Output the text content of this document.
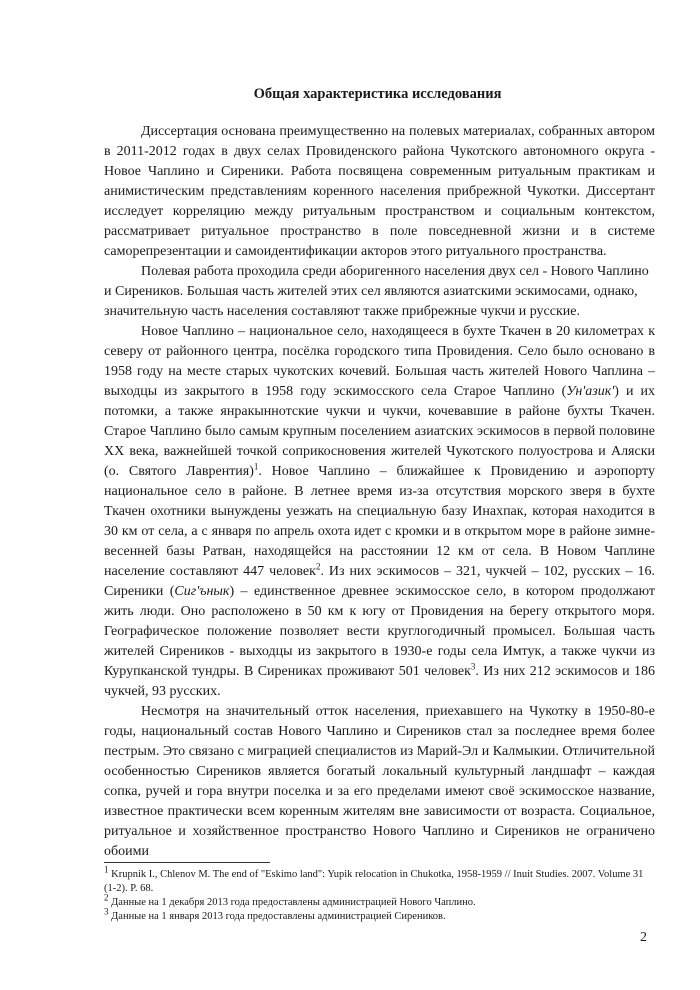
Общая характеристика исследования

Диссертация основана преимущественно на полевых материалах, собранных автором в 2011-2012 годах в двух селах Провиденского района Чукотского автономного округа - Новое Чаплино и Сиреники. Работа посвящена современным ритуальным практикам и анимистическим представлениям коренного населения прибрежной Чукотки. Диссертант исследует корреляцию между ритуальным пространством и социальным контекстом, рассматривает ритуальное пространство в поле повседневной жизни и в системе саморепрезентации и самоидентификации акторов этого ритуального пространства.

Полевая работа проходила среди аборигенного населения двух сел - Нового Чаплино и Сиреников. Большая часть жителей этих сел являются азиатскими эскимосами, однако, значительную часть населения составляют также прибрежные чукчи и русские.

Новое Чаплино – национальное село, находящееся в бухте Ткачен в 20 километрах к северу от районного центра, посёлка городского типа Провидения. Село было основано в 1958 году на месте старых чукотских кочевий. Большая часть жителей Нового Чаплина – выходцы из закрытого в 1958 году эскимосского села Старое Чаплино (Ун'азик') и их потомки, а также янракыннотские чукчи и чукчи, кочевавшие в районе бухты Ткачен. Старое Чаплино было самым крупным поселением азиатских эскимосов в первой половине XX века, важнейшей точкой соприкосновения жителей Чукотского полуострова и Аляски (о. Святого Лаврентия)$^1$. Новое Чаплино – ближайшее к Провидению и аэропорту национальное село в районе. В летнее время из-за отсутствия морского зверя в бухте Ткачен охотники вынуждены уезжать на специальную базу Инахпак, которая находится в 30 км от села, а с января по апрель охота идет с кромки и в открытом море в районе зимне-весенней базы Ратван, находящейся на расстоянии 12 км от села. В Новом Чаплине население составляют 447 человек$^2$. Из них эскимосов – 321, чукчей – 102, русских – 16. Сиреники (Сиг'ънык) – единственное древнее эскимосское село, в котором продолжают жить люди. Оно расположено в 50 км к югу от Провидения на берегу открытого моря. Географическое положение позволяет вести круглогодичный промысел. Большая часть жителей Сиреников - выходцы из закрытого в 1930-е годы села Имтук, а также чукчи из Курупканской тундры. В Сирениках проживают 501 человек$^3$. Из них 212 эскимосов и 186 чукчей, 93 русских.

Несмотря на значительный отток населения, приехавшего на Чукотку в 1950-80-е годы, национальный состав Нового Чаплино и Сиреников стал за последнее время более пестрым. Это связано с миграцией специалистов из Марий-Эл и Калмыкии. Отличительной особенностью Сиреников является богатый локальный культурный ландшафт – каждая сопка, ручей и гора внутри поселка и за его пределами имеют своё эскимосское название, известное практически всем коренным жителям вне зависимости от возраста. Социальное, ритуальное и хозяйственное пространство Нового Чаплино и Сиреников не ограничено обоими

$^1$ Krupnik I., Chlenov M. The end of "Eskimo land": Yupik relocation in Chukotka, 1958-1959 // Inuit Studies. 2007. Volume 31 (1-2). P. 68.
$^2$ Данные на 1 декабря 2013 года предоставлены администрацией Нового Чаплино.
$^3$ Данные на 1 января 2013 года предоставлены администрацией Сиреников.
2
